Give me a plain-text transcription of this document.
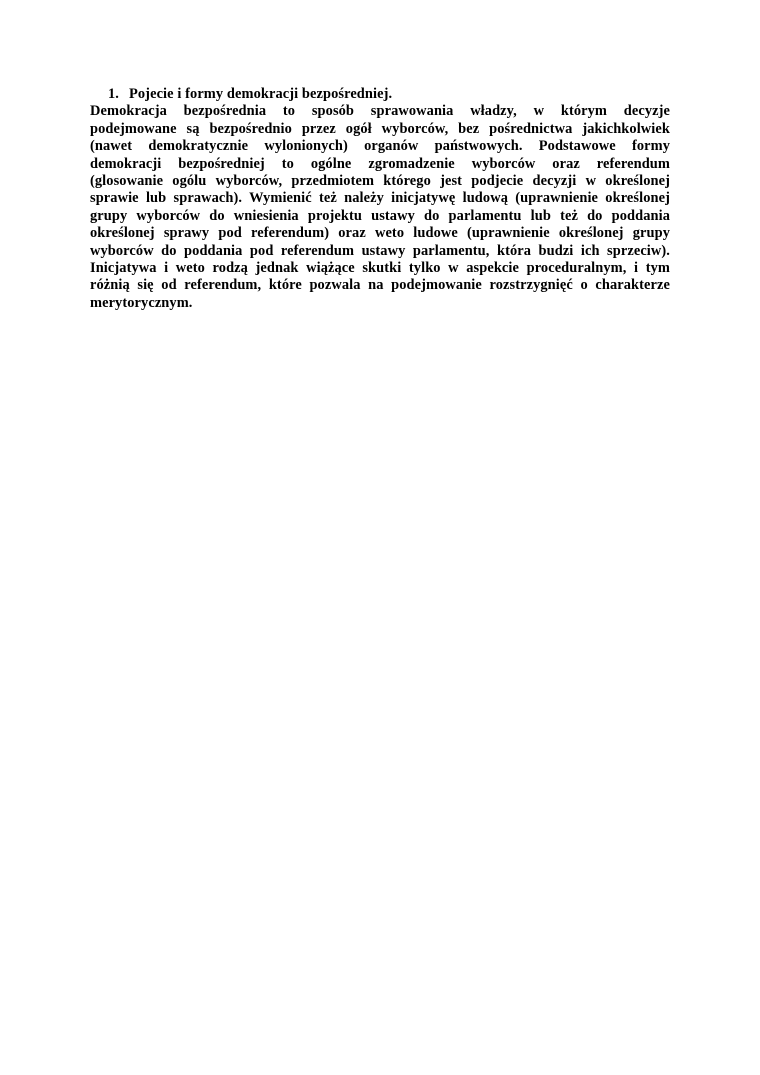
1. Pojecie i formy demokracji bezpośredniej.
Demokracja bezpośrednia to sposób sprawowania władzy, w którym decyzje
podejmowane są bezpośrednio przez ogół wyborców, bez pośrednictwa jakichkolwiek
(nawet demokratycznie wylonionych) organów państwowych. Podstawowe formy
demokracji bezpośredniej to ogólne zgromadzenie wyborców oraz referendum
(glosowanie ogólu wyborców, przedmiotem którego jest podjecie decyzji w określonej
sprawie lub sprawach). Wymienić też należy inicjatywę ludową (uprawnienie określonej
grupy wyborców do wniesienia projektu ustawy do parlamentu lub też do poddania
określonej sprawy pod referendum) oraz weto ludowe (uprawnienie określonej grupy
wyborców do poddania pod referendum ustawy parlamentu, która budzi ich sprzeciw).
Inicjatywa i weto rodzą jednak wiążące skutki tylko w aspekcie proceduralnym, i tym
różnią się od referendum, które pozwala na podejmowanie rozstrzygnięć o charakterze
merytorycznym.
